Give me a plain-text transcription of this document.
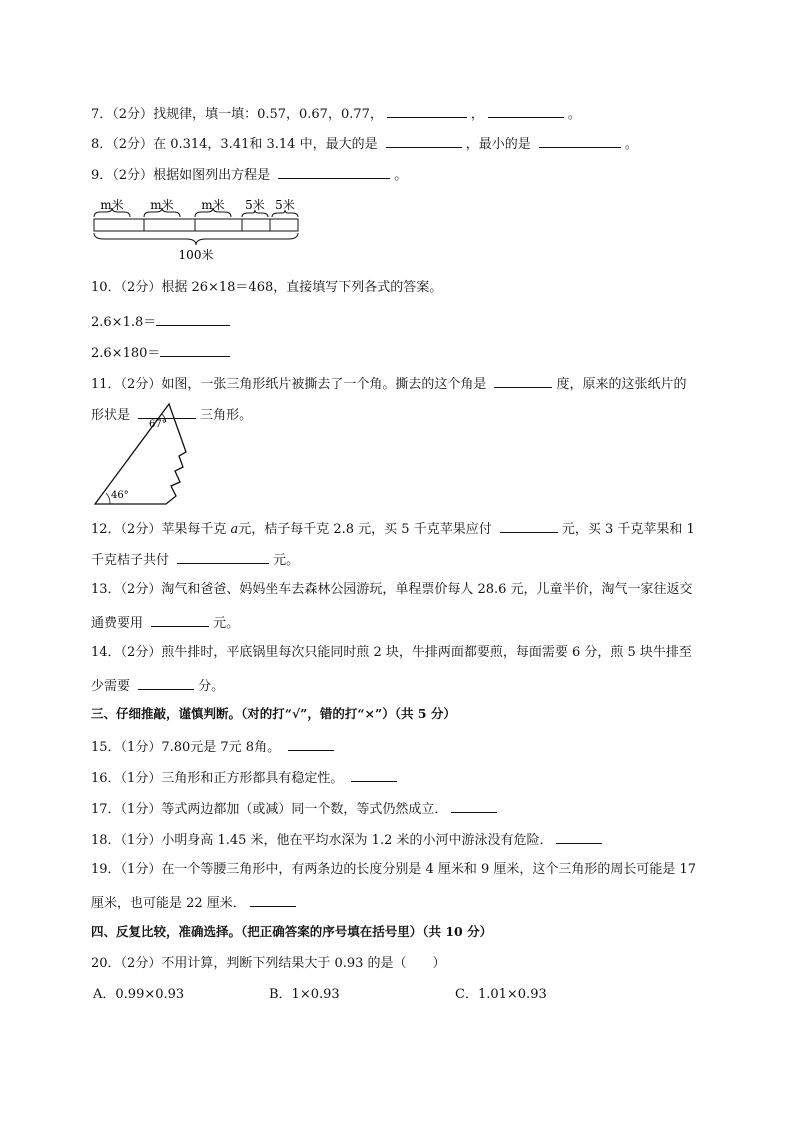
7．（2分）找规律，填一填：0.57，0.67，0.77，	，	。
8．（2分）在 0.314，3.41和 3.14 中，最大的是	，最小的是	。
9．（2分）根据如图列出方程是	。
m米 m米 m米 5米 5米
100米
10．（2分）根据 26×18＝468，直接填写下列各式的答案。
2.6×1.8＝
2.6×180＝
11．（2分）如图，一张三角形纸片被撕去了一个角。撕去的这个角是	度，原来的这张纸片的
形状是	三角形。
67°
46°
12．（2分）苹果每千克 a元，桔子每千克 2.8 元，买 5 千克苹果应付	元，买 3 千克苹果和 1
千克桔子共付	元。
13．（2分）淘气和爸爸、妈妈坐车去森林公园游玩，单程票价每人 28.6 元，儿童半价，淘气一家往返交
通费要用	元。
14．（2分）煎牛排时，平底锅里每次只能同时煎 2 块，牛排两面都要煎，每面需要 6 分，煎 5 块牛排至
少需要	分。
三、仔细推敲，谨慎判断。（对的打“√”，错的打“×”）（共 5 分）
15．（1分）7.80元是 7元 8角。
16．（1分）三角形和正方形都具有稳定性。
17．（1分）等式两边都加（或减）同一个数，等式仍然成立．
18．（1分）小明身高 1.45 米，他在平均水深为 1.2 米的小河中游泳没有危险．
19．（1分）在一个等腰三角形中，有两条边的长度分别是 4 厘米和 9 厘米，这个三角形的周长可能是 17
厘米，也可能是 22 厘米．
四、反复比较，准确选择。（把正确答案的序号填在括号里）（共 10 分）
20．（2分）不用计算，判断下列结果大于 0.93 的是（　　）
A．0.99×0.93	B．1×0.93	C．1.01×0.93
